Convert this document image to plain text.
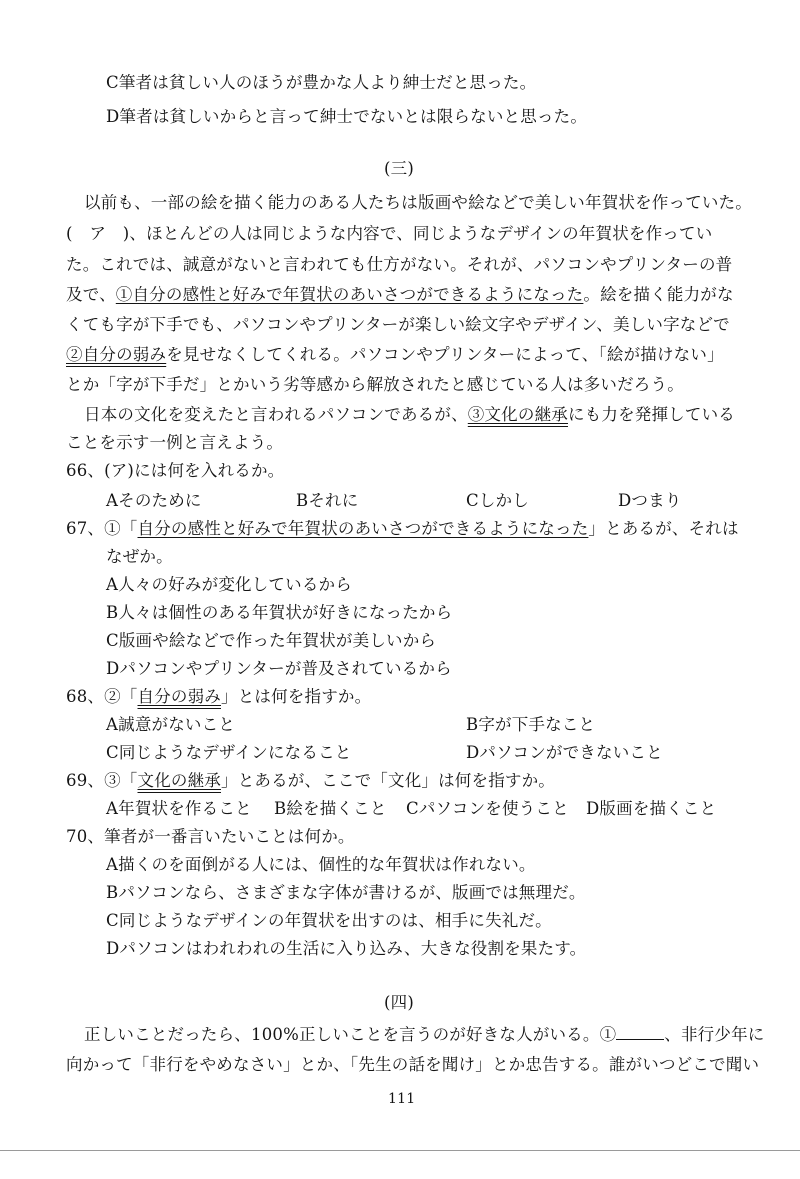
C筆者は貧しい人のほうが豊かな人より紳士だと思った。
D筆者は貧しいからと言って紳士でないとは限らないと思った。
(三)
以前も、一部の絵を描く能力のある人たちは版画や絵などで美しい年賀状を作っていた。
(　ア　)、ほとんどの人は同じような内容で、同じようなデザインの年賀状を作ってい
た。これでは、誠意がないと言われても仕方がない。それが、パソコンやプリンターの普
及で、①自分の感性と好みで年賀状のあいさつができるようになった。絵を描く能力がな
くても字が下手でも、パソコンやプリンターが楽しい絵文字やデザイン、美しい字などで
②自分の弱みを見せなくしてくれる。パソコンやプリンターによって、「絵が描けない」
とか「字が下手だ」とかいう劣等感から解放されたと感じている人は多いだろう。
日本の文化を変えたと言われるパソコンであるが、③文化の継承にも力を発揮している
ことを示す一例と言えよう。
66、(ア)には何を入れるか。
Aそのために	Bそれに	Cしかし	Dつまり
67、①「自分の感性と好みで年賀状のあいさつができるようになった」とあるが、それは
なぜか。
A人々の好みが変化しているから
B人々は個性のある年賀状が好きになったから
C版画や絵などで作った年賀状が美しいから
Dパソコンやプリンターが普及されているから
68、②「自分の弱み」とは何を指すか。
A誠意がないこと	B字が下手なこと
C同じようなデザインになること	Dパソコンができないこと
69、③「文化の継承」とあるが、ここで「文化」は何を指すか。
A年賀状を作ること B絵を描くこと Cパソコンを使うこと D版画を描くこと
70、筆者が一番言いたいことは何か。
A描くのを面倒がる人には、個性的な年賀状は作れない。
Bパソコンなら、さまざまな字体が書けるが、版画では無理だ。
C同じようなデザインの年賀状を出すのは、相手に失礼だ。
Dパソコンはわれわれの生活に入り込み、大きな役割を果たす。
(四)
正しいことだったら、100%正しいことを言うのが好きな人がいる。①	、非行少年に
向かって「非行をやめなさい」とか、「先生の話を聞け」とか忠告する。誰がいつどこで聞い
111
